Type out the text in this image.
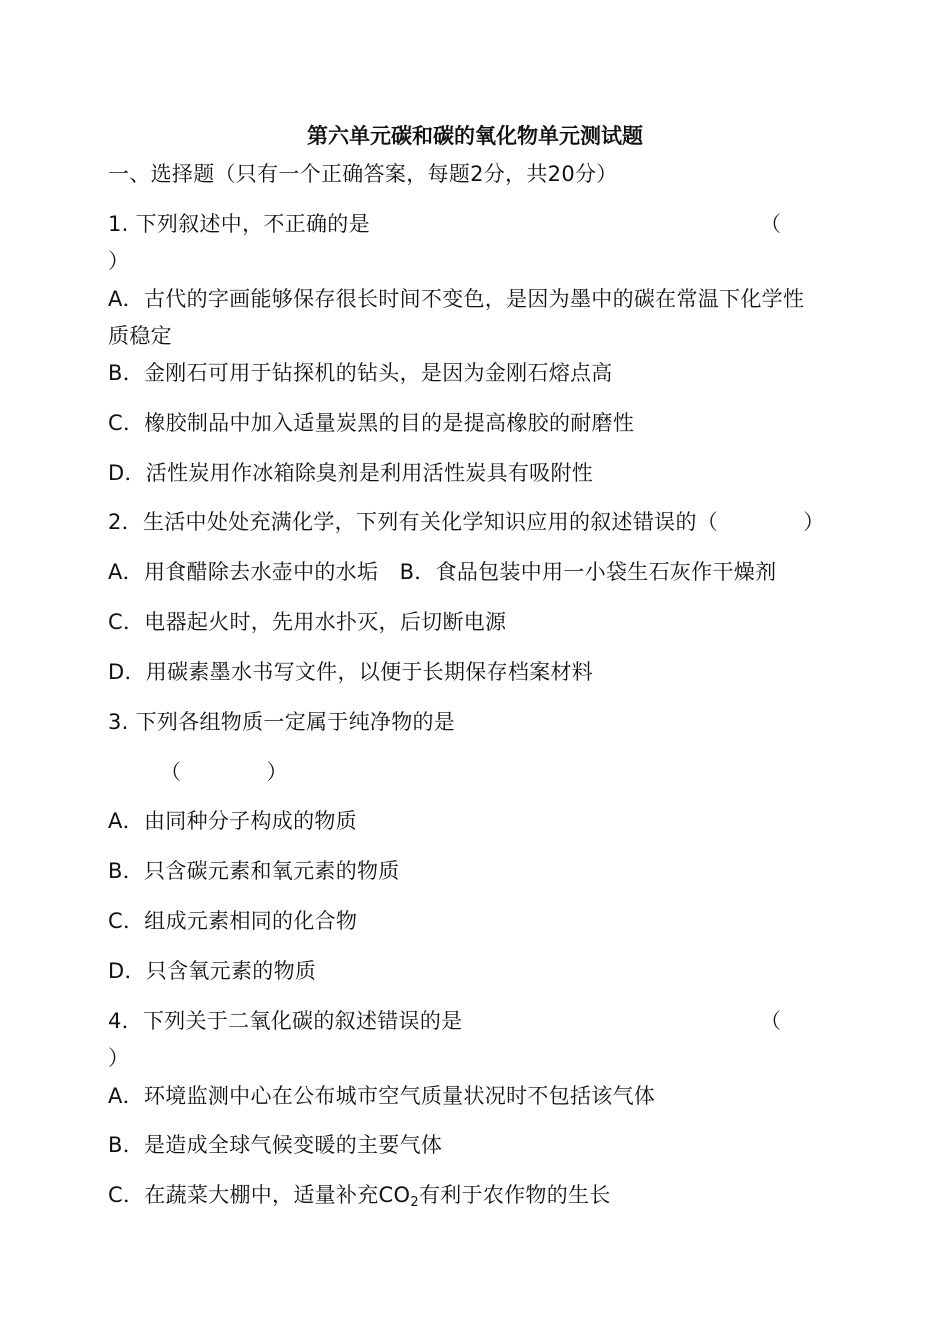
第六单元碳和碳的氧化物单元测试题
一、选择题（只有一个正确答案，每题2分，共20分）
1. 下列叙述中，不正确的是	（
）
A．古代的字画能够保存很长时间不变色，是因为墨中的碳在常温下化学性
质稳定
B．金刚石可用于钻探机的钻头，是因为金刚石熔点高
C．橡胶制品中加入适量炭黑的目的是提高橡胶的耐磨性
D．活性炭用作冰箱除臭剂是利用活性炭具有吸附性
2．生活中处处充满化学，下列有关化学知识应用的叙述错误的（　　　　）
A．用食醋除去水壶中的水垢　B．食品包装中用一小袋生石灰作干燥剂
C．电器起火时，先用水扑灭，后切断电源
D．用碳素墨水书写文件，以便于长期保存档案材料
3. 下列各组物质一定属于纯净物的是
（　　　　）
A．由同种分子构成的物质
B．只含碳元素和氧元素的物质
C．组成元素相同的化合物
D．只含氧元素的物质
4．下列关于二氧化碳的叙述错误的是	（
）
A．环境监测中心在公布城市空气质量状况时不包括该气体
B．是造成全球气候变暖的主要气体
C．在蔬菜大棚中，适量补充$CO_2$有利于农作物的生长
